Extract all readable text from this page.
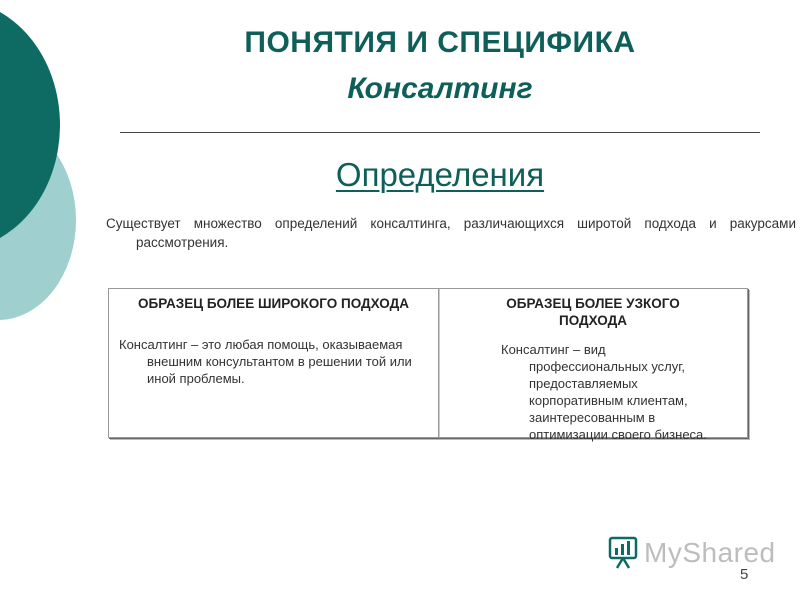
ПОНЯТИЯ И СПЕЦИФИКА
Консалтинг
Определения
Существует множество определений консалтинга, различающихся широтой подхода и ракурсами рассмотрения.
ОБРАЗЕЦ БОЛЕЕ ШИРОКОГО ПОДХОДА
Консалтинг – это любая помощь, оказываемая внешним консультантом в решении той или иной проблемы.
ОБРАЗЕЦ БОЛЕЕ УЗКОГО ПОДХОДА
Консалтинг – вид профессиональных услуг, предоставляемых корпоративным клиентам, заинтересованным в оптимизации своего бизнеса.
MyShared
5
